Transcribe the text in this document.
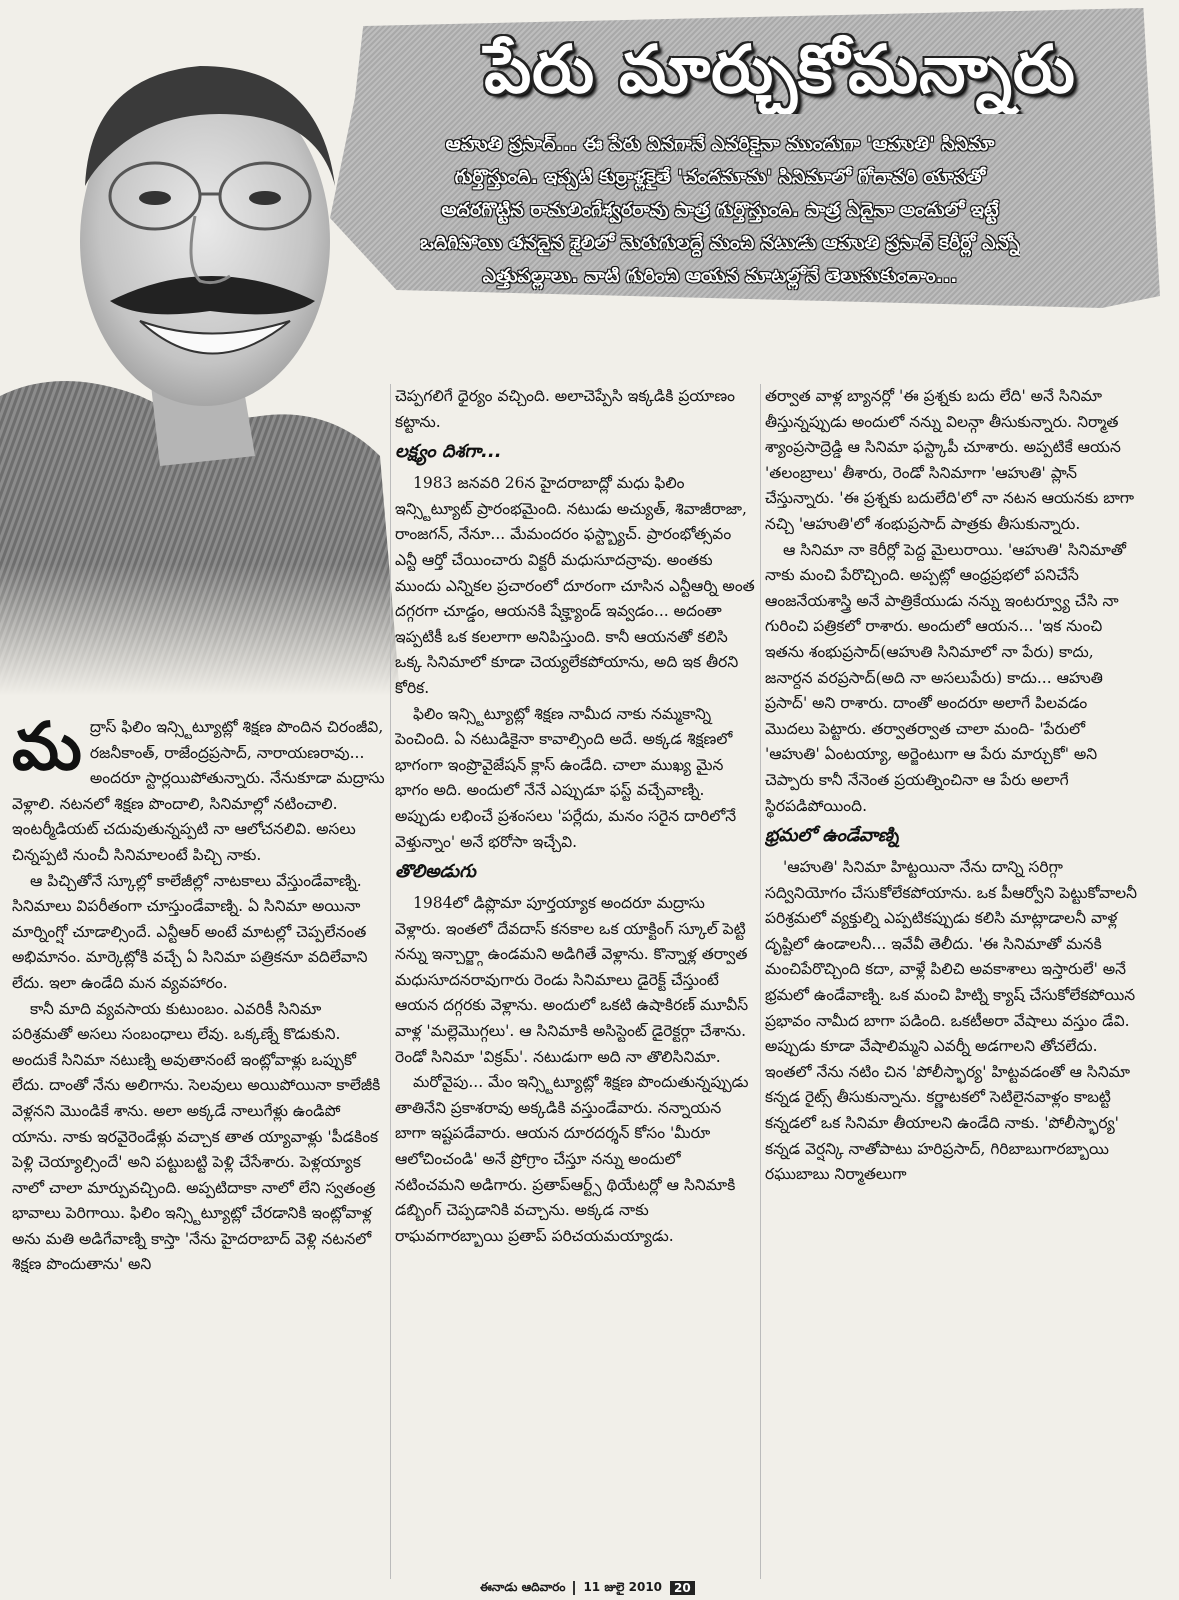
పేరు మార్చుకోమన్నారు
ఆహుతి ప్రసాద్... ఈ పేరు వినగానే ఎవరికైనా ముందుగా 'ఆహుతి' సినిమా గుర్తొస్తుంది. ఇప్పటి కుర్రాళ్లకైతే 'చందమామ' సినిమాలో గోదావరి యాసతో అదరగొట్టిన రామలింగేశ్వరరావు పాత్ర గుర్తొస్తుంది. పాత్ర ఏదైనా అందులో ఇట్టే ఒదిగిపోయి తనదైన శైలిలో మెరుగులద్దే మంచి నటుడు ఆహుతి ప్రసాద్ కెరీర్లో ఎన్నో ఎత్తుపల్లాలు. వాటి గురించి ఆయన మాటల్లోనే తెలుసుకుందాం...

మద్రాస్ ఫిలిం ఇన్స్టిట్యూట్లో శిక్షణ పొందిన చిరంజీవి, రజనీకాంత్, రాజేంద్రప్రసాద్, నారాయణరావు... అందరూ స్టార్లయిపోతున్నారు. నేనుకూడా మద్రాసు వెళ్లాలి. నటనలో శిక్షణ పొందాలి, సినిమాల్లో నటించాలి. ఇంటర్మీడియట్ చదువుతున్నప్పటి నా ఆలోచనలివి. అసలు చిన్నప్పటి నుంచీ సినిమాలంటే పిచ్చి నాకు.

ఆ పిచ్చితోనే స్కూల్లో కాలేజీల్లో నాటకాలు వేస్తుండేవాణ్ని. సినిమాలు విపరీతంగా చూస్తుండేవాణ్ని. ఏ సినిమా అయినా మార్నింగ్షో చూడాల్సిందే. ఎన్టీఆర్ అంటే మాటల్లో చెప్పలేనంత అభిమానం. మార్కెట్లోకి వచ్చే ఏ సినిమా పత్రికనూ వదిలేవాని లేదు. ఇలా ఉండేది మన వ్యవహారం.

కానీ మాది వ్యవసాయ కుటుంబం. ఎవరికీ సినిమా పరిశ్రమతో అసలు సంబంధాలు లేవు. ఒక్కణ్నే కొడుకుని. అందుకే సినిమా నటుణ్ని అవుతానంటే ఇంట్లోవాళ్లు ఒప్పుకో లేదు. దాంతో నేను అలిగాను. సెలవులు అయిపోయినా కాలేజీకి వెళ్లనని మొండికే శాను. అలా అక్కడే నాలుగేళ్లు ఉండిపో యాను. నాకు ఇరవైరెండేళ్లు వచ్చాక తాత య్యావాళ్లు 'పీడకింక పెళ్లి చెయ్యాల్సిందే' అని పట్టుబట్టి పెళ్లి చేసేశారు. పెళ్లయ్యాక నాలో చాలా మార్పువచ్చింది. అప్పటిదాకా నాలో లేని స్వతంత్ర భావాలు పెరిగాయి. ఫిలిం ఇన్స్టిట్యూట్లో చేరడానికి ఇంట్లోవాళ్ల అను మతి అడిగేవాణ్ని కాస్తా 'నేను హైదరాబాద్ వెళ్లి నటనలో శిక్షణ పొందుతాను' అని

చెప్పగలిగే ధైర్యం వచ్చింది. అలాచెప్పేసి ఇక్కడికి ప్రయాణం కట్టాను.

లక్ష్యం దిశగా...

1983 జనవరి 26న హైదరాబాద్లో మధు ఫిలిం ఇన్స్టిట్యూట్ ప్రారంభమైంది. నటుడు అచ్యుత్, శివాజీరాజా, రాంజగన్, నేనూ... మేమందరం ఫస్ట్బ్యాచ్. ప్రారంభోత్సవం ఎన్టీ ఆర్తో చేయించారు విక్టరీ మధుసూదన్రావు. అంతకు ముందు ఎన్నికల ప్రచారంలో దూరంగా చూసిన ఎన్టీఆర్ని అంత దగ్గరగా చూడ్డం, ఆయనకి షేక్హ్యాండ్ ఇవ్వడం... అదంతా ఇప్పటికీ ఒక కలలాగా అనిపిస్తుంది. కానీ ఆయనతో కలిసి ఒక్క సినిమాలో కూడా చెయ్యలేకపోయాను, అది ఇక తీరని కోరిక.

ఫిలిం ఇన్స్టిట్యూట్లో శిక్షణ నామీద నాకు నమ్మకాన్ని పెంచింది. ఏ నటుడికైనా కావాల్సింది అదే. అక్కడ శిక్షణలో భాగంగా ఇంప్రొవైజేషన్ క్లాస్ ఉండేది. చాలా ముఖ్య మైన భాగం అది. అందులో నేనే ఎప్పుడూ ఫస్ట్ వచ్చేవాణ్ని. అప్పుడు లభించే ప్రశంసలు 'పర్లేదు, మనం సరైన దారిలోనే వెళ్తున్నాం' అనే భరోసా ఇచ్చేవి.

తొలిఅడుగు

1984లో డిప్లొమా పూర్తయ్యాక అందరూ మద్రాసు వెళ్లారు. ఇంతలో దేవదాస్ కనకాల ఒక యాక్టింగ్ స్కూల్ పెట్టి నన్ను ఇన్చార్జ్గా ఉండమని అడిగితే వెళ్లాను. కొన్నాళ్ల తర్వాత మధుసూదనరావుగారు రెండు సినిమాలు డైరెక్ట్ చేస్తుంటే ఆయన దగ్గరకు వెళ్లాను. అందులో ఒకటి ఉషాకిరణ్ మూవీస్ వాళ్ల 'మల్లెమొగ్గలు'. ఆ సినిమాకి అసిస్టెంట్ డైరెక్టర్గా చేశాను. రెండో సినిమా 'విక్రమ్'. నటుడుగా అది నా తొలిసినిమా.

మరోవైపు... మేం ఇన్స్టిట్యూట్లో శిక్షణ పొందుతున్నప్పుడు తాతినేని ప్రకాశరావు అక్కడికి వస్తుండేవారు. నన్నాయన బాగా ఇష్టపడేవారు. ఆయన దూరదర్శన్ కోసం 'మీరూ ఆలోచించండి' అనే ప్రోగ్రాం చేస్తూ నన్ను అందులో నటించమని అడిగారు. ప్రతాప్ఆర్ట్స్ థియేటర్లో ఆ సినిమాకి డబ్బింగ్ చెప్పడానికి వచ్చాను. అక్కడ నాకు రాఘవగారబ్బాయి ప్రతాప్ పరిచయమయ్యాడు.

తర్వాత వాళ్ల బ్యానర్లో 'ఈ ప్రశ్నకు బదు లేది' అనే సినిమా తీస్తున్నప్పుడు అందులో నన్ను విలన్గా తీసుకున్నారు. నిర్మాత శ్యాంప్రసాద్రెడ్డి ఆ సినిమా ఫస్ట్కాపీ చూశారు. అప్పటికే ఆయన 'తలంబ్రాలు' తీశారు, రెండో సినిమాగా 'ఆహుతి' ప్లాన్ చేస్తున్నారు. 'ఈ ప్రశ్నకు బదులేది'లో నా నటన ఆయనకు బాగా నచ్చి 'ఆహుతి'లో శంభుప్రసాద్ పాత్రకు తీసుకున్నారు.

ఆ సినిమా నా కెరీర్లో పెద్ద మైలురాయి. 'ఆహుతి' సినిమాతో నాకు మంచి పేరొచ్చింది. అప్పట్లో ఆంధ్రప్రభలో పనిచేసే ఆంజనేయశాస్త్రి అనే పాత్రికేయుడు నన్ను ఇంటర్వ్యూ చేసి నా గురించి పత్రికలో రాశారు. అందులో ఆయన... 'ఇక నుంచి ఇతను శంభుప్రసాద్(ఆహుతి సినిమాలో నా పేరు) కాదు, జనార్దన వరప్రసాద్(అది నా అసలుపేరు) కాదు... ఆహుతి ప్రసాద్' అని రాశారు. దాంతో అందరూ అలాగే పిలవడం మొదలు పెట్టారు. తర్వాతర్వాత చాలా మంది- 'పేరులో 'ఆహుతి' ఏంటయ్యా, అర్జెంటుగా ఆ పేరు మార్చుకో' అని చెప్పారు కానీ నేనెంత ప్రయత్నించినా ఆ పేరు అలాగే స్థిరపడిపోయింది.

భ్రమలో ఉండేవాణ్ని

'ఆహుతి' సినిమా హిట్టయినా నేను దాన్ని సరిగ్గా సద్వినియోగం చేసుకోలేకపోయాను. ఒక పీఆర్వోని పెట్టుకోవాలనీ పరిశ్రమలో వ్యక్తుల్ని ఎప్పటికప్పుడు కలిసి మాట్లాడాలనీ వాళ్ల దృష్టిలో ఉండాలనీ... ఇవేవీ తెలీదు. 'ఈ సినిమాతో మనకి మంచిపేరొచ్చింది కదా, వాళ్లే పిలిచి అవకాశాలు ఇస్తారులే' అనే భ్రమలో ఉండేవాణ్ని. ఒక మంచి హిట్ని క్యాష్ చేసుకోలేకపోయిన ప్రభావం నామీద బాగా పడింది. ఒకటీఅరా వేషాలు వస్తుం డేవి. అప్పుడు కూడా వేషాలిమ్మని ఎవర్నీ అడగాలని తోచలేదు. ఇంతలో నేను నటిం చిన 'పోలీస్భార్య' హిట్టవడంతో ఆ సినిమా కన్నడ రైట్స్ తీసుకున్నాను. కర్ణాటకలో సెటిలైనవాళ్లం కాబట్టి కన్నడలో ఒక సినిమా తీయాలని ఉండేది నాకు. 'పోలీస్భార్య' కన్నడ వెర్షన్కి నాతోపాటు హరిప్రసాద్, గిరిబాబుగారబ్బాయి రఘుబాబు నిర్మాతలుగా

ఈనాడు ఆదివారం 11 జులై 2010	20
